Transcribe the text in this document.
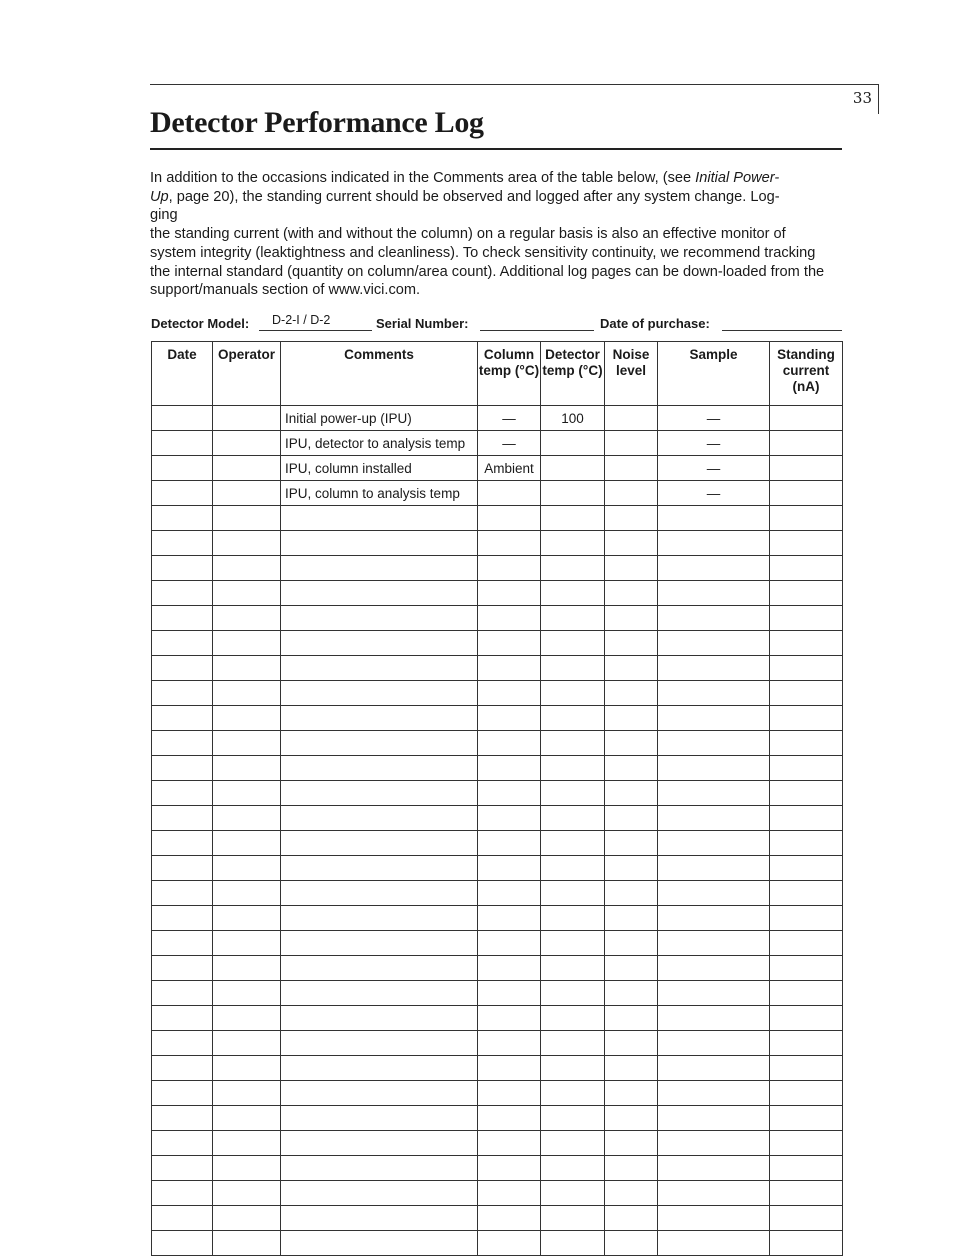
33
Detector Performance Log

In addition to the occasions indicated in the Comments area of the table below, (see Initial Power-
Up, page 20), the standing current should be observed and logged after any system change. Log-
ging

the standing current (with and without the column) on a regular basis is also an effective monitor of system integrity (leaktightness and cleanliness). To check sensitivity continuity, we recommend tracking the internal standard (quantity on column/area count). Additional log pages can be down-loaded from the support/manuals section of www.vici.com.

Detector Model: D-2-I / D-2	Serial Number:	Date of purchase:
Date	Operator	Comments	Column temp (°C)	Detector temp (°C)	Noise level	Sample	Standing current (nA)
		Initial power-up (IPU)	—	100		—	
		IPU, detector to analysis temp	—			—	
		IPU, column installed	Ambient			—	
		IPU, column to analysis temp				—	
